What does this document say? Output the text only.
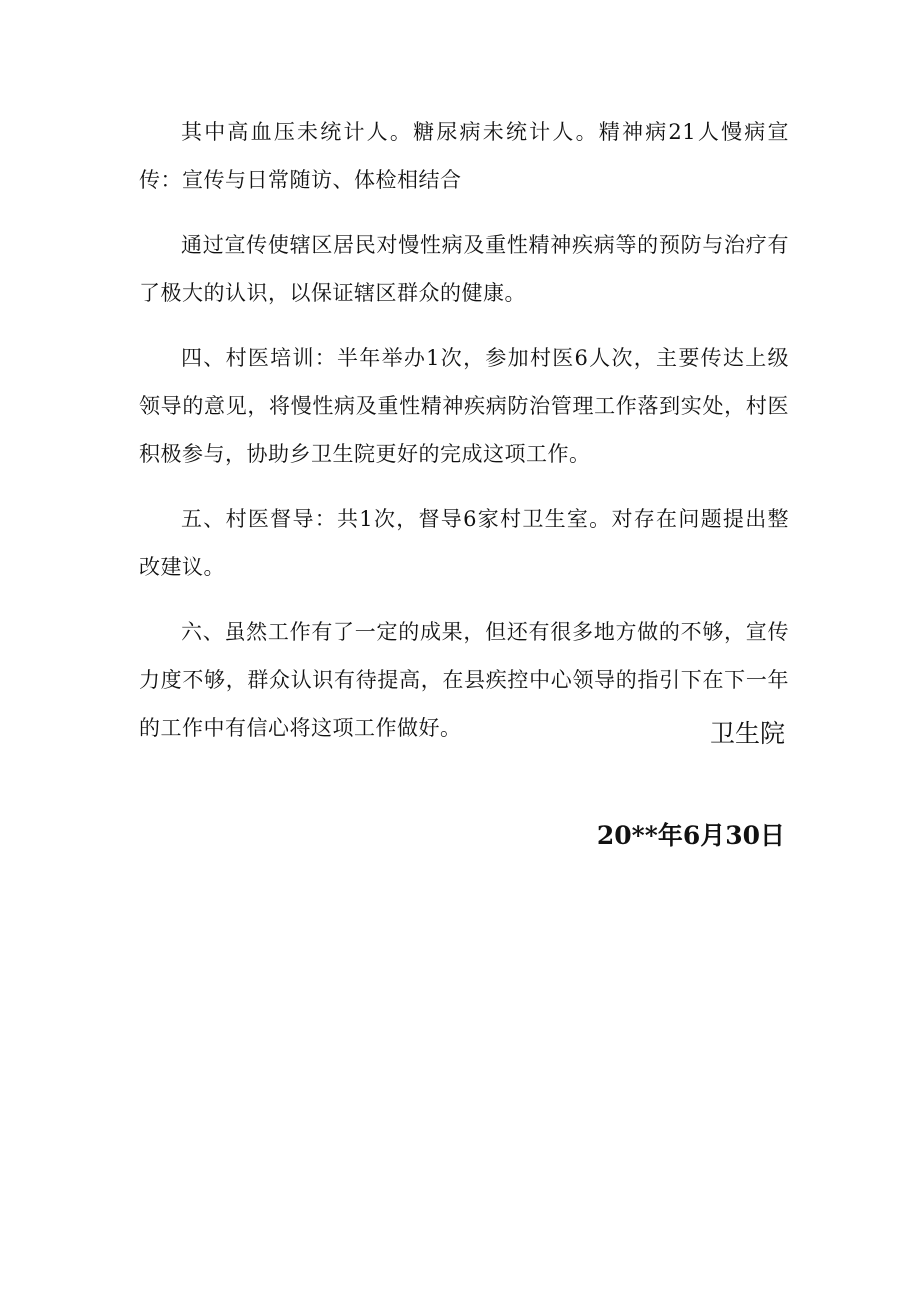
其中高血压未统计人。糖尿病未统计人。精神病21人慢病宣传：宣传与日常随访、体检相结合

通过宣传使辖区居民对慢性病及重性精神疾病等的预防与治疗有了极大的认识，以保证辖区群众的健康。

四、村医培训：半年举办1次，参加村医6人次，主要传达上级领导的意见，将慢性病及重性精神疾病防治管理工作落到实处，村医积极参与，协助乡卫生院更好的完成这项工作。

五、村医督导：共1次，督导6家村卫生室。对存在问题提出整改建议。

六、虽然工作有了一定的成果，但还有很多地方做的不够，宣传力度不够，群众认识有待提高，在县疾控中心领导的指引下在下一年的工作中有信心将这项工作做好。	卫生院
20**年6月30日
